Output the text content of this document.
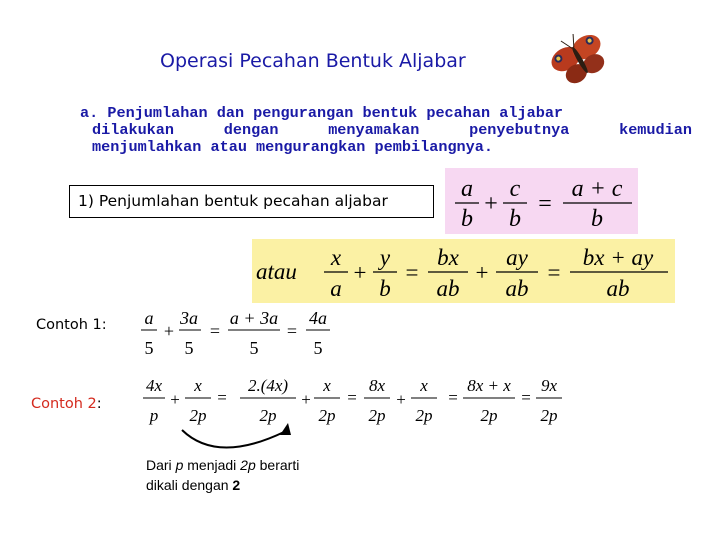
Operasi Pecahan Bentuk Aljabar
a. Penjumlahan dan pengurangan bentuk pecahan aljabar
dilakukan dengan menyamakan penyebutnya kemudian
menjumlahkan atau mengurangkan pembilangnya.
1) Penjumlahan bentuk pecahan aljabar	a
b
+
c
b
=
a + c
b
atau
x
a
+
y
b
=
bx
ab
+
ay
ab
=
bx + ay
ab
Contoh 1: a
5
+
3a
5
=
a + 3a
5
=
4a
5
Contoh 2:
4x
p
+
x
2p
=
2.(4x)
2p
+
x
2p
=
8x
2p
+
x
2p
=
8x + x
2p
=
9x
2p
Dari p menjadi 2p berarti
dikali dengan 2
